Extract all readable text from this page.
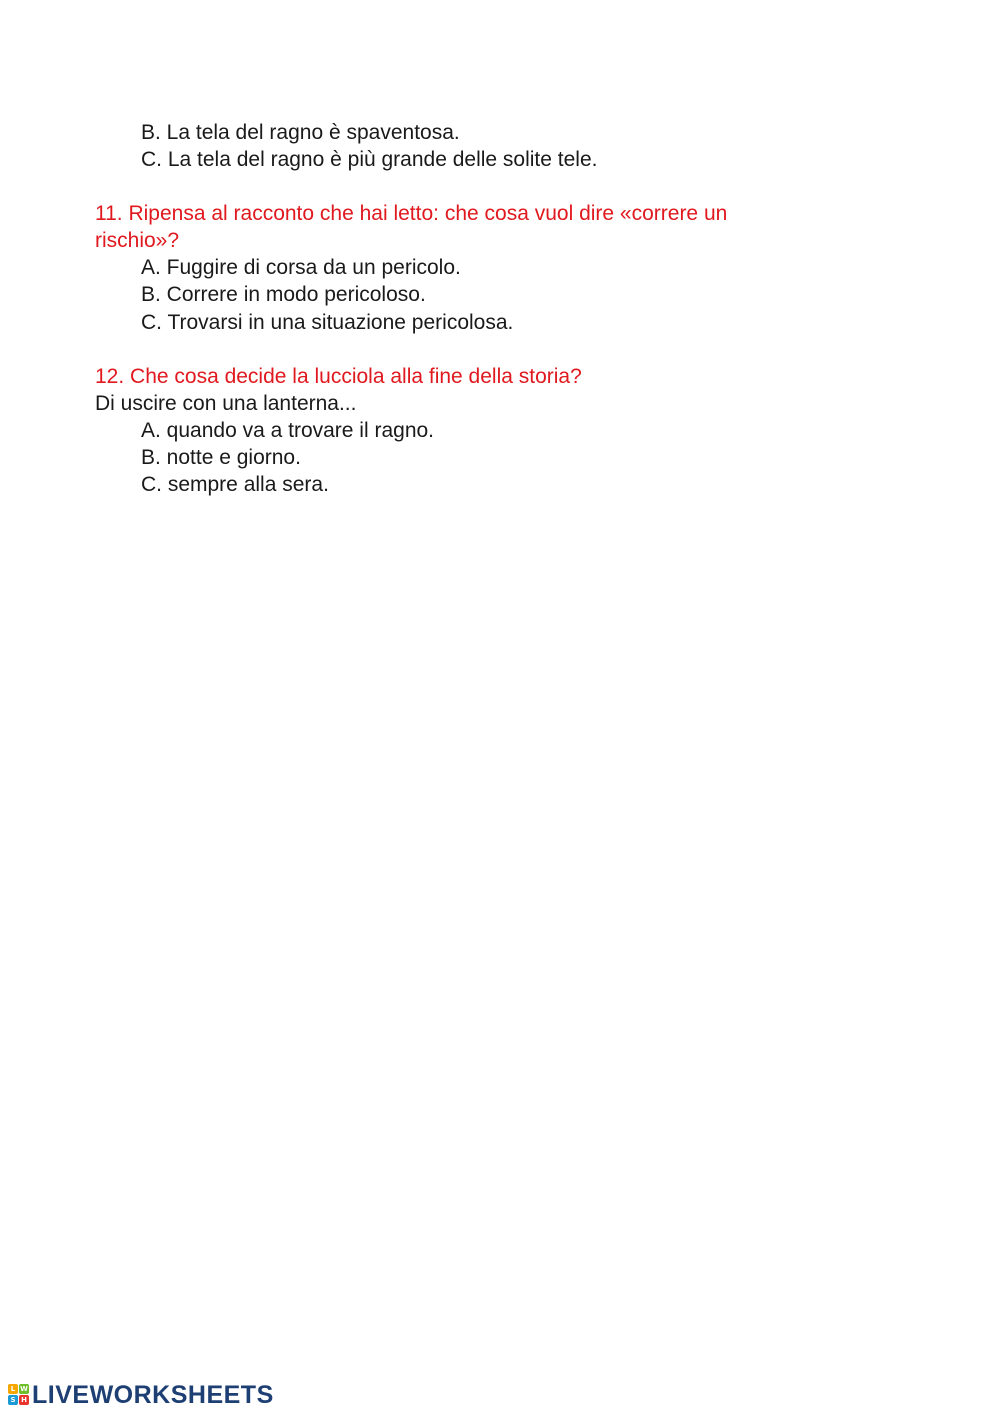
B. La tela del ragno è spaventosa.
C. La tela del ragno è più grande delle solite tele.
11. Ripensa al racconto che hai letto: che cosa vuol dire «correre un
rischio»?
A. Fuggire di corsa da un pericolo.
B. Correre in modo pericoloso.
C. Trovarsi in una situazione pericolosa.
12. Che cosa decide la lucciola alla fine della storia?
Di uscire con una lanterna...
A. quando va a trovare il ragno.
B. notte e giorno.
C. sempre alla sera.
L W
S H LIVEWORKSHEETS
